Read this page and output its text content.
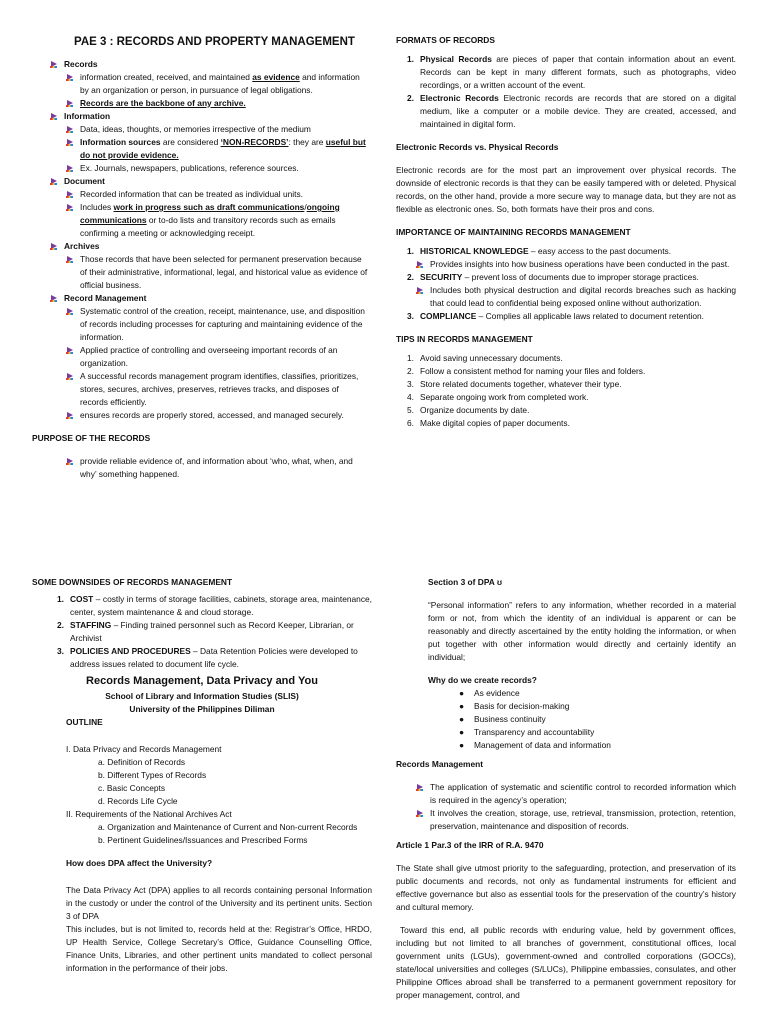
PAE 3 : RECORDS AND PROPERTY MANAGEMENT
Records
information created, received, and maintained as evidence and information by an organization or person, in pursuance of legal obligations.
Records are the backbone of any archive.
Information
Data, ideas, thoughts, or memories irrespective of the medium
Information sources are considered ‘NON-RECORDS’: they are useful but do not provide evidence.
Ex. Journals, newspapers, publications, reference sources.
Document
Recorded information that can be treated as individual units.
Includes work in progress such as draft communications/ongoing communications or to-do lists and transitory records such as emails confirming a meeting or acknowledging receipt.
Archives
Those records that have been selected for permanent preservation because of their administrative, informational, legal, and historical value as evidence of official business.
Record Management
Systematic control of the creation, receipt, maintenance, use, and disposition of records including processes for capturing and maintaining evidence of the information.
Applied practice of controlling and overseeing important records of an organization.
A successful records management program identifies, classifies, prioritizes, stores, secures, archives, preserves, retrieves tracks, and disposes of records efficiently.
ensures records are properly stored, accessed, and managed securely.
PURPOSE OF THE RECORDS
provide reliable evidence of, and information about ‘who, what, when, and why’ something happened.
FORMATS OF RECORDS
1. Physical Records are pieces of paper that contain information about an event. Records can be kept in many different formats, such as photographs, video recordings, or a written account of the event.
2. Electronic Records Electronic records are records that are stored on a digital medium, like a computer or a mobile device. They are created, accessed, and maintained in digital form.
Electronic Records vs. Physical Records

Electronic records are for the most part an improvement over physical records. The downside of electronic records is that they can be easily tampered with or deleted. Physical records, on the other hand, provide a more secure way to manage data, but they are not as flexible as electronic ones. So, both formats have their pros and cons.

IMPORTANCE OF MAINTAINING RECORDS MANAGEMENT
1. HISTORICAL KNOWLEDGE – easy access to the past documents.
Provides insights into how business operations have been conducted in the past.
2. SECURITY – prevent loss of documents due to improper storage practices.
Includes both physical destruction and digital records breaches such as hacking that could lead to confidential being exposed online without authorization.
3. COMPLIANCE – Complies all applicable laws related to document retention.
TIPS IN RECORDS MANAGEMENT
1. Avoid saving unnecessary documents.
2. Follow a consistent method for naming your files and folders.
3. Store related documents together, whatever their type.
4. Separate ongoing work from completed work.
5. Organize documents by date.
6. Make digital copies of paper documents.
SOME DOWNSIDES OF RECORDS MANAGEMENT
1. COST – costly in terms of storage facilities, cabinets, storage area, maintenance, center, system maintenance & and cloud storage.
2. STAFFING – Finding trained personnel such as Record Keeper, Librarian, or Archivist
3. POLICIES AND PROCEDURES – Data Retention Policies were developed to address issues related to document life cycle.
Records Management, Data Privacy and You
School of Library and Information Studies (SLIS)
University of the Philippines Diliman
OUTLINE
I. Data Privacy and Records Management
a. Definition of Records
b. Different Types of Records
c. Basic Concepts
d. Records Life Cycle
II. Requirements of the National Archives Act
a. Organization and Maintenance of Current and Non-current Records
b. Pertinent Guidelines/Issuances and Prescribed Forms
How does DPA affect the University?

The Data Privacy Act (DPA) applies to all records containing personal Information in the custody or under the control of the University and its pertinent units. Section 3 of DPA

This includes, but is not limited to, records held at the: Registrar’s Office, HRDO, UP Health Service, College Secretary’s Office, Guidance Counselling Office, Finance Units, Libraries, and other pertinent units mandated to collect personal information in the performance of their jobs.

Section 3 of DPA ʊ

“Personal information” refers to any information, whether recorded in a material form or not, from which the identity of an individual is apparent or can be reasonably and directly ascertained by the entity holding the information, or when put together with other information would directly and certainly identify an individual;

Why do we create records?
●	As evidence
●	Basis for decision-making
●	Business continuity
●	Transparency and accountability
●	Management of data and information
Records Management
The application of systematic and scientific control to recorded information which is required in the agency’s operation;
It involves the creation, storage, use, retrieval, transmission, protection, retention, preservation, maintenance and disposition of records.
Article 1 Par.3 of the IRR of R.A. 9470

The State shall give utmost priority to the safeguarding, protection, and preservation of its public documents and records, not only as fundamental instruments for efficient and effective governance but also as essential tools for the preservation of the country’s history and cultural memory.

Toward this end, all public records with enduring value, held by government offices, including but not limited to all branches of government, constitutional offices, local government units (LGUs), government-owned and controlled corporations (GOCCs), state/local universities and colleges (S/LUCs), Philippine embassies, consulates, and other Philippine Offices abroad shall be transferred to a permanent government repository for proper management, control, and
